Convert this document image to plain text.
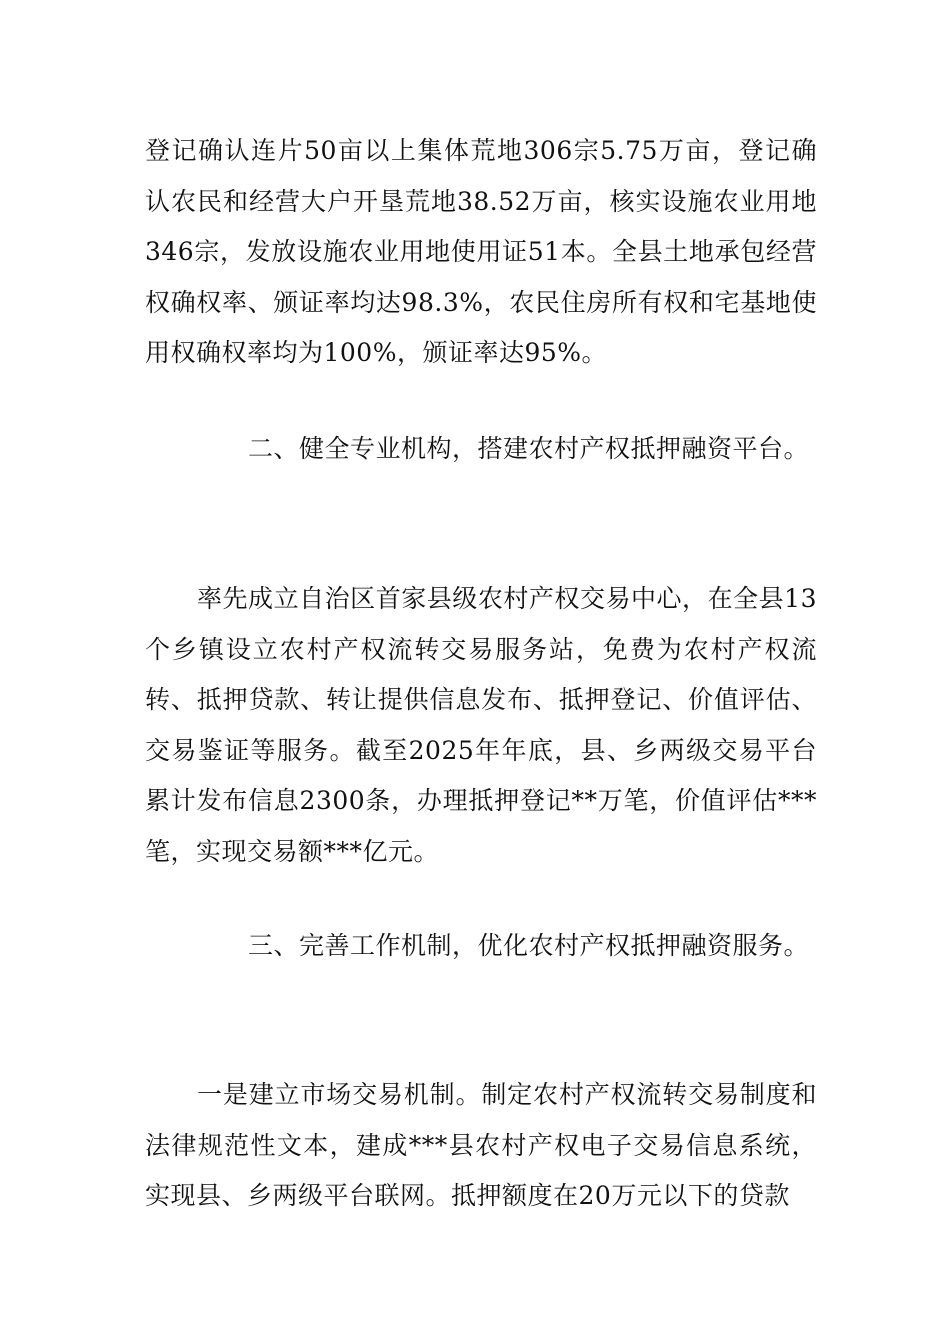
登记确认连片50亩以上集体荒地306宗5.75万亩，登记确认农民和经营大户开垦荒地38.52万亩，核实设施农业用地346宗，发放设施农业用地使用证51本。全县土地承包经营权确权率、颁证率均达98.3%，农民住房所有权和宅基地使用权确权率均为100%，颁证率达95%。

二、健全专业机构，搭建农村产权抵押融资平台。

率先成立自治区首家县级农村产权交易中心，在全县13个乡镇设立农村产权流转交易服务站，免费为农村产权流转、抵押贷款、转让提供信息发布、抵押登记、价值评估、交易鉴证等服务。截至2025年年底，县、乡两级交易平台累计发布信息2300条，办理抵押登记**万笔，价值评估***笔，实现交易额***亿元。

三、完善工作机制，优化农村产权抵押融资服务。

一是建立市场交易机制。制定农村产权流转交易制度和法律规范性文本，建成***县农村产权电子交易信息系统，实现县、乡两级平台联网。抵押额度在20万元以下的贷款
